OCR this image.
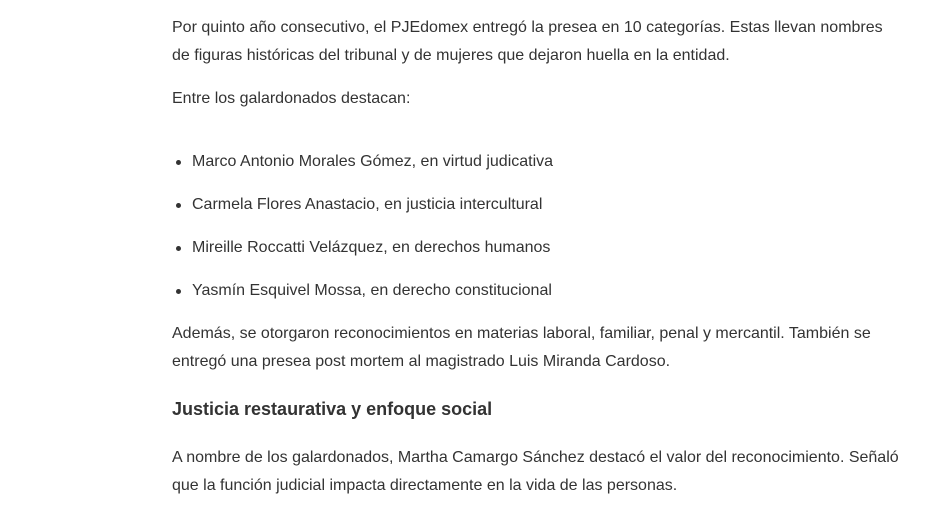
Por quinto año consecutivo, el PJEdomex entregó la presea en 10 categorías. Estas llevan nombres de figuras históricas del tribunal y de mujeres que dejaron huella en la entidad.

Entre los galardonados destacan:

Marco Antonio Morales Gómez, en virtud judicativa
Carmela Flores Anastacio, en justicia intercultural
Mireille Roccatti Velázquez, en derechos humanos
Yasmín Esquivel Mossa, en derecho constitucional

Además, se otorgaron reconocimientos en materias laboral, familiar, penal y mercantil. También se entregó una presea post mortem al magistrado Luis Miranda Cardoso.

Justicia restaurativa y enfoque social

A nombre de los galardonados, Martha Camargo Sánchez destacó el valor del reconocimiento. Señaló que la función judicial impacta directamente en la vida de las personas.
